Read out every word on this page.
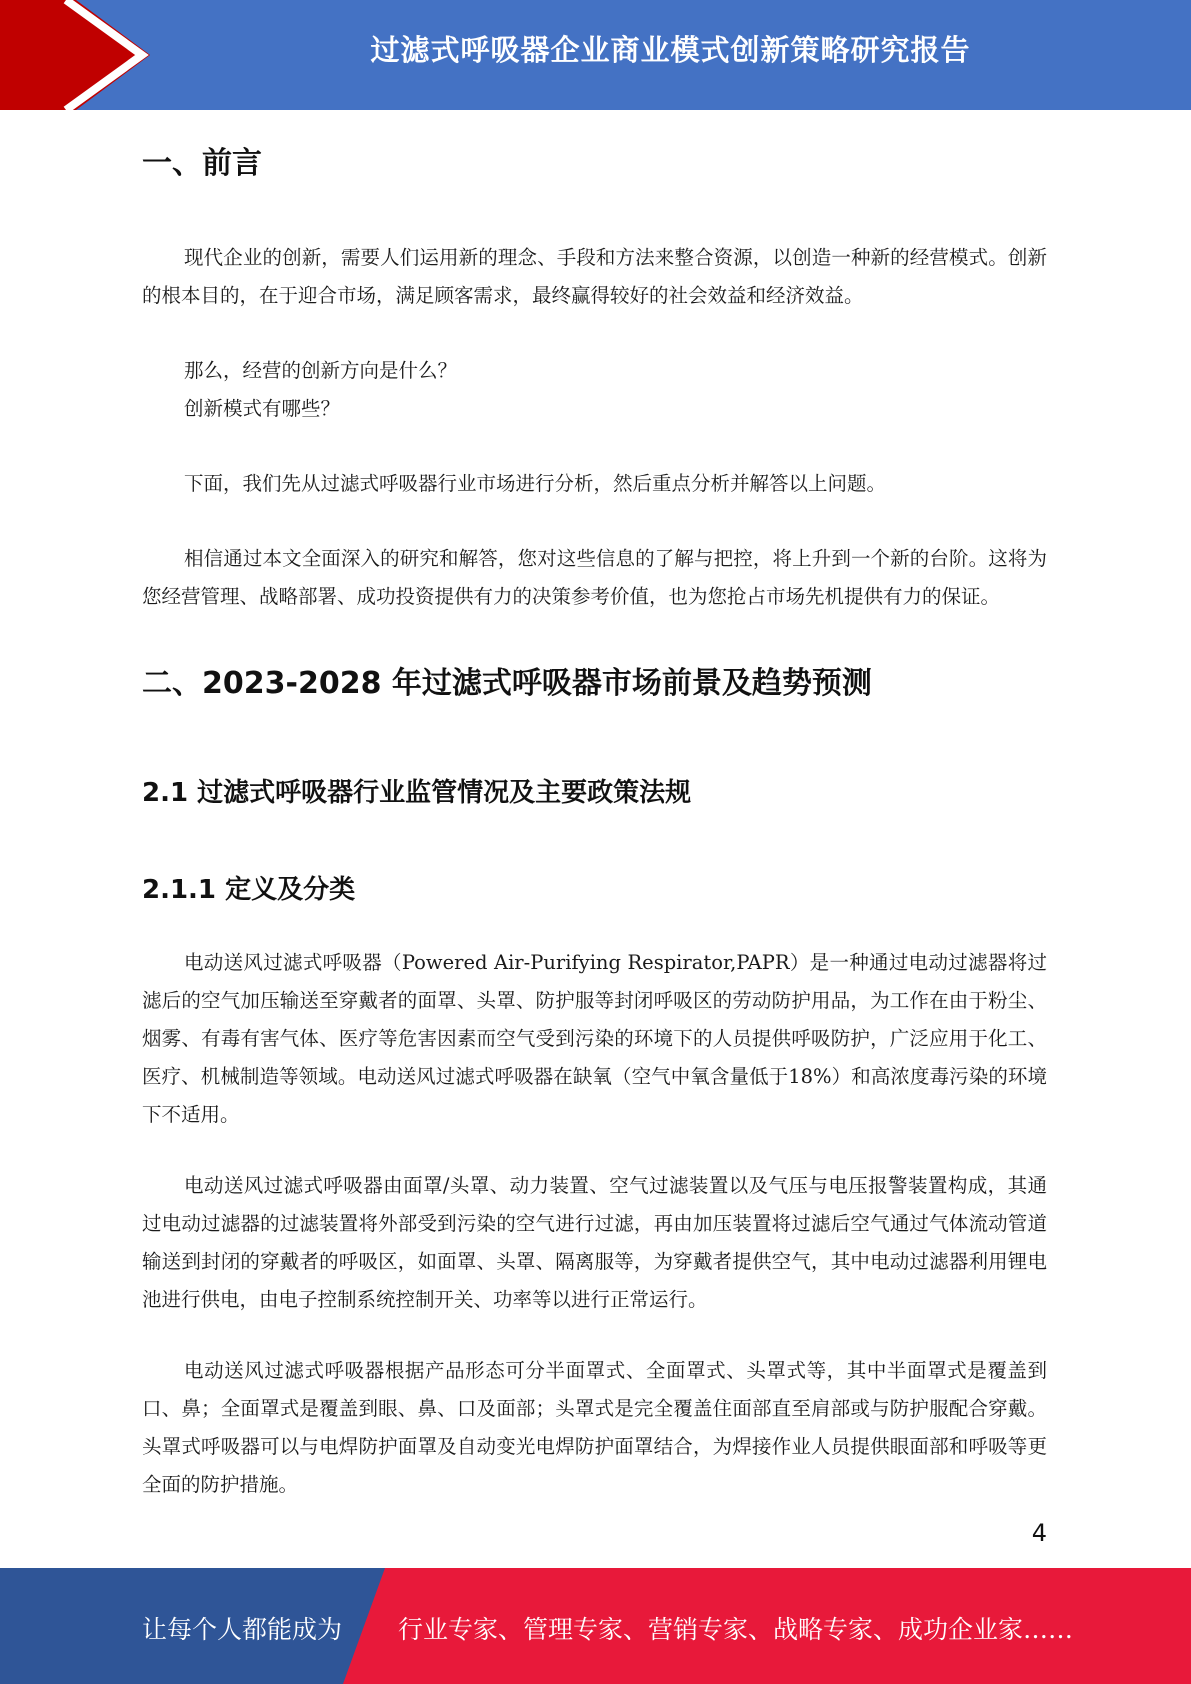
过滤式呼吸器企业商业模式创新策略研究报告
一、前言

现代企业的创新，需要人们运用新的理念、手段和方法来整合资源，以创造一种新的经营模式。创新的根本目的，在于迎合市场，满足顾客需求，最终赢得较好的社会效益和经济效益。

那么，经营的创新方向是什么？

创新模式有哪些？

下面，我们先从过滤式呼吸器行业市场进行分析，然后重点分析并解答以上问题。

相信通过本文全面深入的研究和解答，您对这些信息的了解与把控，将上升到一个新的台阶。这将为您经营管理、战略部署、成功投资提供有力的决策参考价值，也为您抢占市场先机提供有力的保证。

二、2023-2028 年过滤式呼吸器市场前景及趋势预测
2.1 过滤式呼吸器行业监管情况及主要政策法规
2.1.1 定义及分类

电动送风过滤式呼吸器（Powered Air-Purifying Respirator,PAPR）是一种通过电动过滤器将过滤后的空气加压输送至穿戴者的面罩、头罩、防护服等封闭呼吸区的劳动防护用品，为工作在由于粉尘、烟雾、有毒有害气体、医疗等危害因素而空气受到污染的环境下的人员提供呼吸防护，广泛应用于化工、医疗、机械制造等领域。电动送风过滤式呼吸器在缺氧（空气中氧含量低于18%）和高浓度毒污染的环境下不适用。

电动送风过滤式呼吸器由面罩/头罩、动力装置、空气过滤装置以及气压与电压报警装置构成，其通过电动过滤器的过滤装置将外部受到污染的空气进行过滤，再由加压装置将过滤后空气通过气体流动管道输送到封闭的穿戴者的呼吸区，如面罩、头罩、隔离服等，为穿戴者提供空气，其中电动过滤器利用锂电池进行供电，由电子控制系统控制开关、功率等以进行正常运行。

电动送风过滤式呼吸器根据产品形态可分半面罩式、全面罩式、头罩式等，其中半面罩式是覆盖到口、鼻；全面罩式是覆盖到眼、鼻、口及面部；头罩式是完全覆盖住面部直至肩部或与防护服配合穿戴。头罩式呼吸器可以与电焊防护面罩及自动变光电焊防护面罩结合，为焊接作业人员提供眼面部和呼吸等更全面的防护措施。

4
让每个人都能成为 行业专家、管理专家、营销专家、战略专家、成功企业家……
